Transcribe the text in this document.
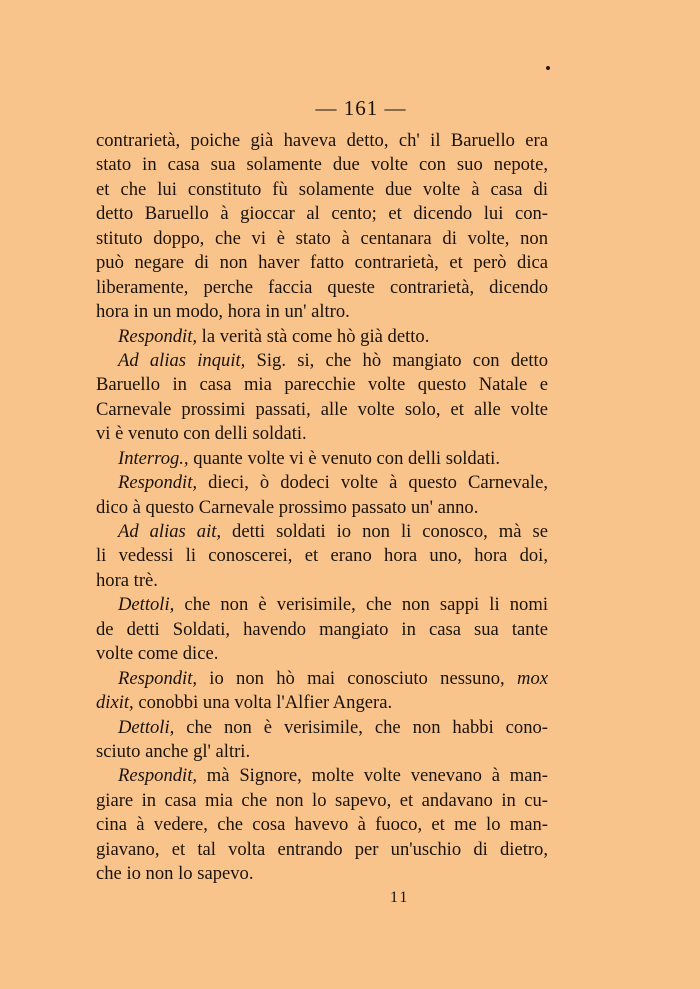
— 161 —
contrarietà, poiche già haveva detto, ch' il Baruello era
stato in casa sua solamente due volte con suo nepote,
et che lui constituto fù solamente due volte à casa di
detto Baruello à gioccar al cento; et dicendo lui con-
stituto doppo, che vi è stato à centanara di volte, non
può negare di non haver fatto contrarietà, et però dica
liberamente, perche faccia queste contrarietà, dicendo
hora in un modo, hora in un' altro.
Respondit, la verità stà come hò già detto.
Ad alias inquit, Sig. si, che hò mangiato con detto
Baruello in casa mia parecchie volte questo Natale e
Carnevale prossimi passati, alle volte solo, et alle volte
vi è venuto con delli soldati.
Interrog., quante volte vi è venuto con delli soldati.
Respondit, dieci, ò dodeci volte à questo Carnevale,
dico à questo Carnevale prossimo passato un' anno.
Ad alias ait, detti soldati io non li conosco, mà se
li vedessi li conoscerei, et erano hora uno, hora doi,
hora trè.
Dettoli, che non è verisimile, che non sappi li nomi
de detti Soldati, havendo mangiato in casa sua tante
volte come dice.
Respondit, io non hò mai conosciuto nessuno, mox
dixit, conobbi una volta l'Alfier Angera.
Dettoli, che non è verisimile, che non habbi cono-
sciuto anche gl' altri.
Respondit, mà Signore, molte volte venevano à man-
giare in casa mia che non lo sapevo, et andavano in cu-
cina à vedere, che cosa havevo à fuoco, et me lo man-
giavano, et tal volta entrando per un'uschio di dietro,
che io non lo sapevo.
11
